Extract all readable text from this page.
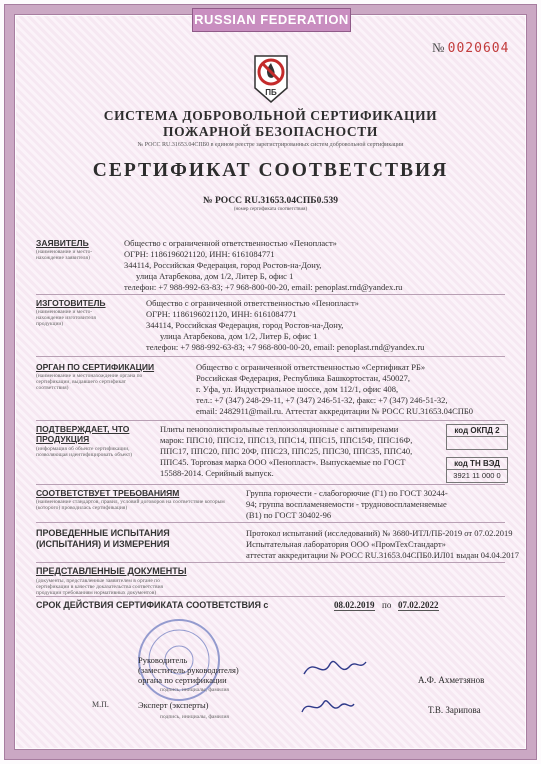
RUSSIAN FEDERATION
№ 0020604
ПБ
СИСТЕМА ДОБРОВОЛЬНОЙ СЕРТИФИКАЦИИ
ПОЖАРНОЙ БЕЗОПАСНОСТИ
№ РОСС RU.31653.04СПБ0 в едином реестре зарегистрированных систем добровольной сертификации
СЕРТИФИКАТ СООТВЕТСТВИЯ
№ РОСС RU.31653.04СПБ0.539
(номер сертификата соответствия)
ЗАЯВИТЕЛЬ
(наименование и место-нахождение заявителя)
Общество с ограниченной ответственностью «Пенопласт»
ОГРН: 1186196021120, ИНН: 6161084771
344114, Российская Федерация, город Ростов-на-Дону,
улица Атарбекова, дом 1/2, Литер Б, офис 1
телефон: +7 988-992-63-83; +7 968-800-00-20, email: penoplast.rnd@yandex.ru
ИЗГОТОВИТЕЛЬ
(наименование и место-нахождение изготовителя продукции)
Общество с ограниченной ответственностью «Пенопласт»
ОГРН: 1186196021120, ИНН: 6161084771
344114, Российская Федерация, город Ростов-на-Дону,
улица Атарбекова, дом 1/2, Литер Б, офис 1
телефон: +7 988-992-63-83; +7 968-800-00-20, email: penoplast.rnd@yandex.ru
ОРГАН ПО СЕРТИФИКАЦИИ
(наименование и местонахождение органа по сертификации, выдавшего сертификат соответствия)
Общество с ограниченной ответственностью «Сертификат РБ»
Российская Федерация, Республика Башкортостан, 450027,
г. Уфа, ул. Индустриальное шоссе, дом 112/1, офис 408,
тел.: +7 (347) 248-29-11, +7 (347) 246-51-32, факс: +7 (347) 246-51-32,
email: 2482911@mail.ru. Аттестат аккредитации № РОСС RU.31653.04СПБ0
ПОДТВЕРЖДАЕТ, ЧТО
ПРОДУКЦИЯ
(информация об объекте сертификации, позволяющая идентифицировать объект)
Плиты пенополистирольные теплоизоляционные с антипиренами
марок: ППС10, ППС12, ППС13, ППС14, ППС15, ППС15Ф, ППС16Ф,
ППС17, ППС20, ППС 20Ф, ППС23, ППС25, ППС30, ППС35, ППС40,
ППС45. Торговая марка ООО «Пенопласт». Выпускаемые по ГОСТ
15588-2014. Серийный выпуск.
код ОКПД 2
код ТН ВЭД
3921 11 000 0
СООТВЕТСТВУЕТ ТРЕБОВАНИЯМ
(наименование стандартов, правил, условий договоров на соответствие которым (которого) проводилась сертификация)
Группа горючести - слабогорючие (Г1) по ГОСТ 30244-
94; группа воспламеняемости - трудновоспламеняемые
(В1) по ГОСТ 30402-96
ПРОВЕДЕННЫЕ ИСПЫТАНИЯ
(ИСПЫТАНИЯ) И ИЗМЕРЕНИЯ
Протокол испытаний (исследований) № 3680-ИТЛ/ПБ-2019 от 07.02.2019
Испытательная лаборатория ООО «ПромТехСтандарт»
аттестат аккредитации № РОСС RU.31653.04СПБ0.ИЛ01 выдан 04.04.2017
ПРЕДСТАВЛЕННЫЕ ДОКУМЕНТЫ
(документы, представленные заявителем в органе по сертификации в качестве доказательства соответствия продукции требованиям нормативных документов)
СРОК ДЕЙСТВИЯ СЕРТИФИКАТА СООТВЕТСТВИЯ с	08.02.2019 по 07.02.2022
Руководитель
(заместитель руководителя)
органа по сертификации
подпись, инициалы, фамилия
А.Ф. Ахметзянов
Эксперт (эксперты)	Т.В. Зарипова
подпись, инициалы, фамилия
М.П.
